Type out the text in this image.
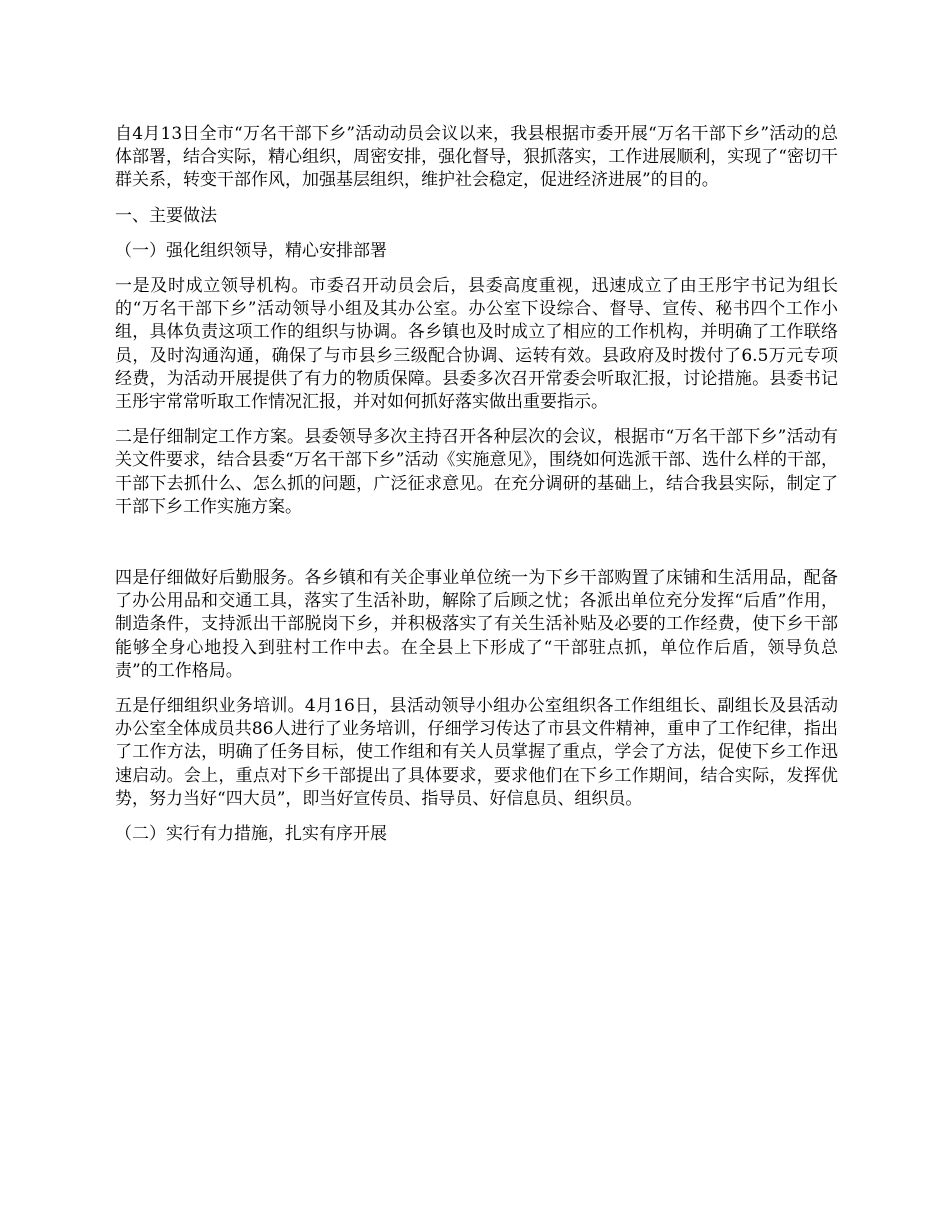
自4月13日全市“万名干部下乡”活动动员会议以来，我县根据市委开展“万名干部下乡”活动的总体部署，结合实际，精心组织，周密安排，强化督导，狠抓落实，工作进展顺利，实现了“密切干群关系，转变干部作风，加强基层组织，维护社会稳定，促进经济进展”的目的。

一、主要做法

（一）强化组织领导，精心安排部署

一是及时成立领导机构。市委召开动员会后，县委高度重视，迅速成立了由王彤宇书记为组长的“万名干部下乡”活动领导小组及其办公室。办公室下设综合、督导、宣传、秘书四个工作小组，具体负责这项工作的组织与协调。各乡镇也及时成立了相应的工作机构，并明确了工作联络员，及时沟通沟通，确保了与市县乡三级配合协调、运转有效。县政府及时拨付了6.5万元专项经费，为活动开展提供了有力的物质保障。县委多次召开常委会听取汇报，讨论措施。县委书记王彤宇常常听取工作情况汇报，并对如何抓好落实做出重要指示。

二是仔细制定工作方案。县委领导多次主持召开各种层次的会议，根据市“万名干部下乡”活动有关文件要求，结合县委“万名干部下乡”活动《实施意见》，围绕如何选派干部、选什么样的干部，干部下去抓什么、怎么抓的问题，广泛征求意见。在充分调研的基础上，结合我县实际，制定了干部下乡工作实施方案。

四是仔细做好后勤服务。各乡镇和有关企事业单位统一为下乡干部购置了床铺和生活用品，配备了办公用品和交通工具，落实了生活补助，解除了后顾之忧；各派出单位充分发挥“后盾”作用，制造条件，支持派出干部脱岗下乡，并积极落实了有关生活补贴及必要的工作经费，使下乡干部能够全身心地投入到驻村工作中去。在全县上下形成了“干部驻点抓，单位作后盾，领导负总责”的工作格局。

五是仔细组织业务培训。4月16日，县活动领导小组办公室组织各工作组组长、副组长及县活动办公室全体成员共86人进行了业务培训，仔细学习传达了市县文件精神，重申了工作纪律，指出了工作方法，明确了任务目标，使工作组和有关人员掌握了重点，学会了方法，促使下乡工作迅速启动。会上，重点对下乡干部提出了具体要求，要求他们在下乡工作期间，结合实际，发挥优势，努力当好“四大员”，即当好宣传员、指导员、好信息员、组织员。

（二）实行有力措施，扎实有序开展
